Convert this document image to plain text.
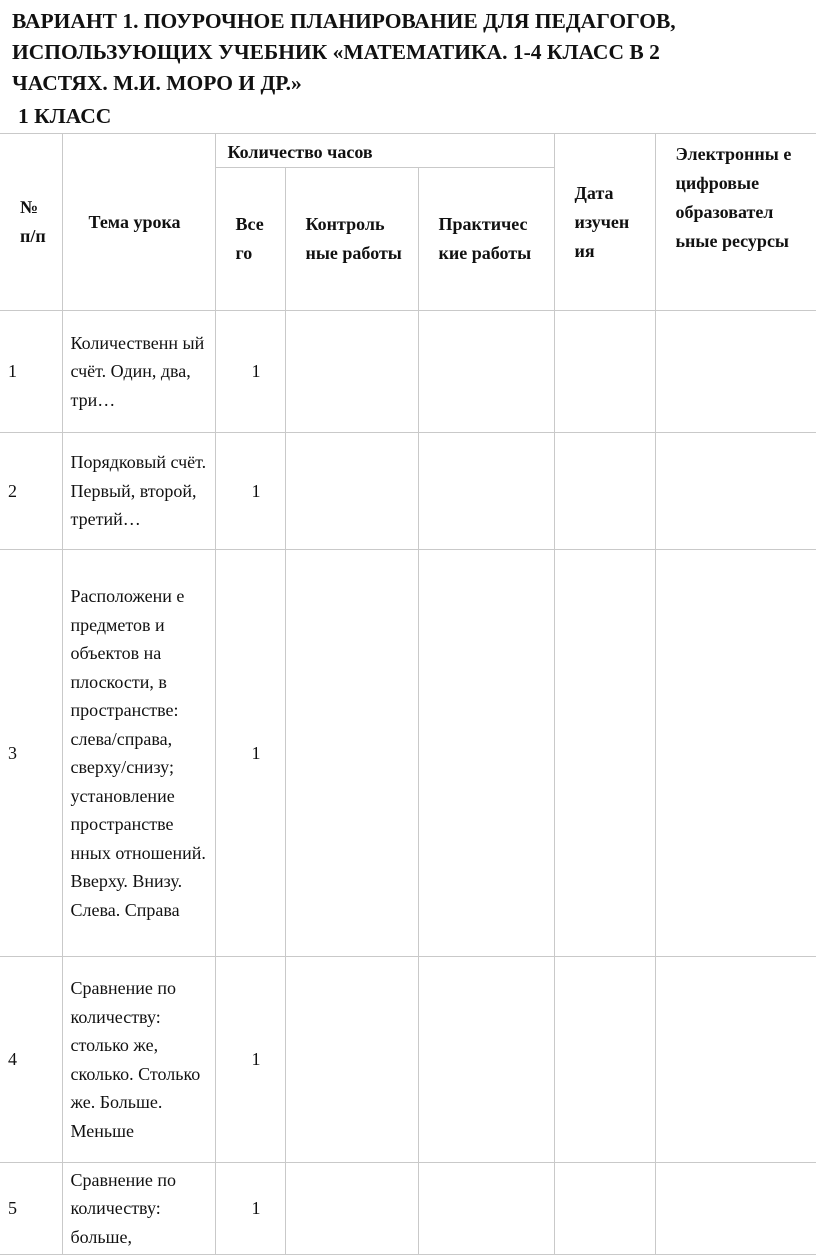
ВАРИАНТ 1. ПОУРОЧНОЕ ПЛАНИРОВАНИЕ ДЛЯ ПЕДАГОГОВ,
ИСПОЛЬЗУЮЩИХ УЧЕБНИК «МАТЕМАТИКА. 1-4 КЛАСС В 2
ЧАСТЯХ. М.И. МОРО И ДР.»
1 КЛАСС
№ п/п	Тема урока	Количество часов			Дата изучен ия	Электронны е цифровые образовател ьные ресурсы

		Все го	Контроль ные работы	Практичес кие работы		

1	Количественн ый счёт. Один, два, три…	1				
2	Порядковый счёт. Первый, второй, третий…	1				
3	Расположени е предметов и объектов на плоскости, в пространстве: слева/справа, сверху/снизу; установление пространстве нных отношений. Вверху. Внизу. Слева. Справа	1				
4	Сравнение по количеству: столько же, сколько. Столько же. Больше. Меньше	1				
5	Сравнение по количеству: больше,	1				
